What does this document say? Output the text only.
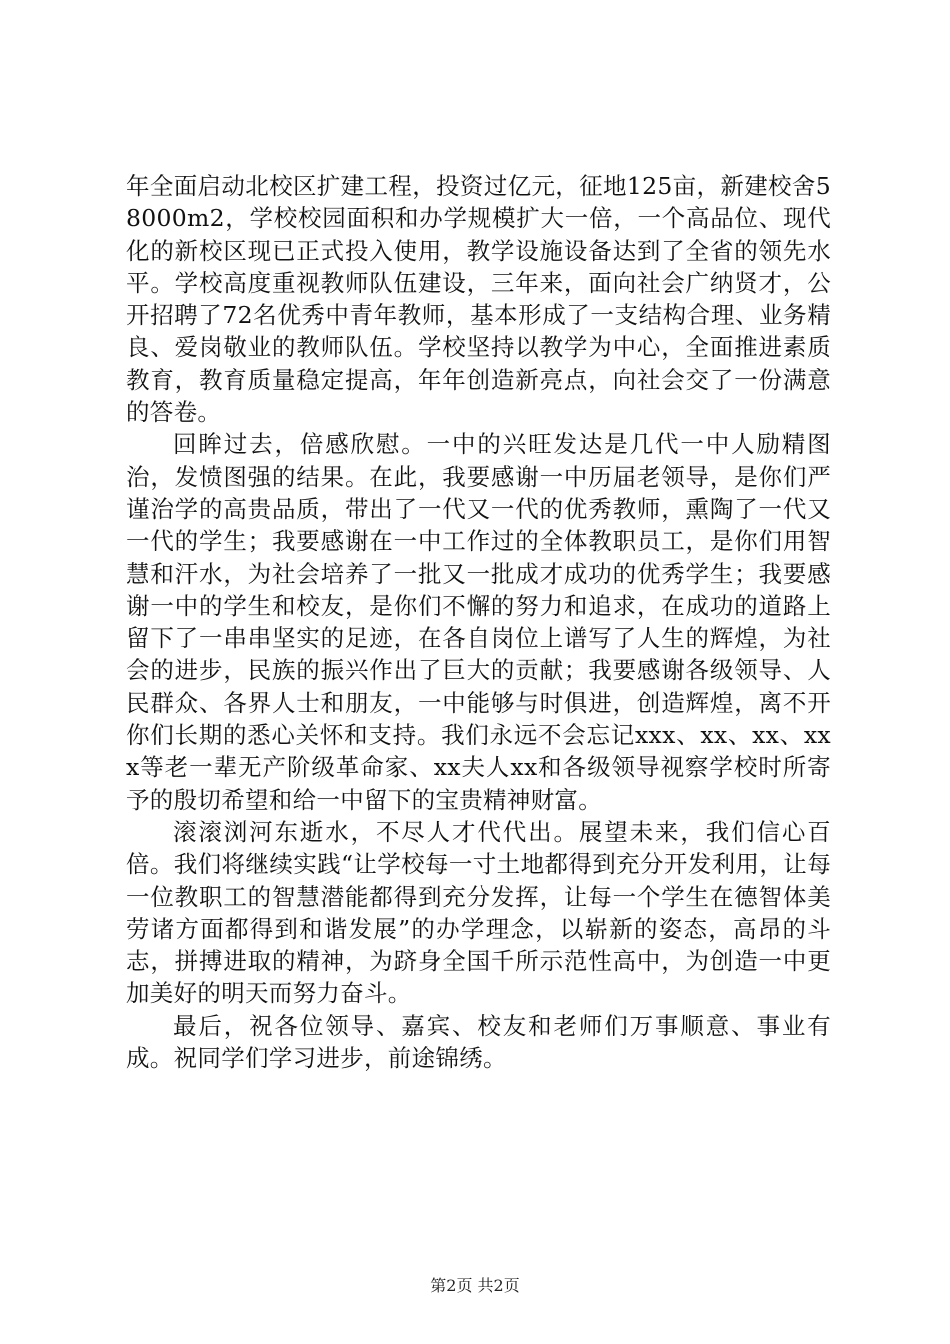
年全面启动北校区扩建工程，投资过亿元，征地125亩，新建校舍58000m2，学校校园面积和办学规模扩大一倍，一个高品位、现代化的新校区现已正式投入使用，教学设施设备达到了全省的领先水平。学校高度重视教师队伍建设，三年来，面向社会广纳贤才，公开招聘了72名优秀中青年教师，基本形成了一支结构合理、业务精良、爱岗敬业的教师队伍。学校坚持以教学为中心，全面推进素质教育，教育质量稳定提高，年年创造新亮点，向社会交了一份满意的答卷。

回眸过去，倍感欣慰。一中的兴旺发达是几代一中人励精图治，发愤图强的结果。在此，我要感谢一中历届老领导，是你们严谨治学的高贵品质，带出了一代又一代的优秀教师，熏陶了一代又一代的学生；我要感谢在一中工作过的全体教职员工，是你们用智慧和汗水，为社会培养了一批又一批成才成功的优秀学生；我要感谢一中的学生和校友，是你们不懈的努力和追求，在成功的道路上留下了一串串坚实的足迹，在各自岗位上谱写了人生的辉煌，为社会的进步，民族的振兴作出了巨大的贡献；我要感谢各级领导、人民群众、各界人士和朋友，一中能够与时俱进，创造辉煌，离不开你们长期的悉心关怀和支持。我们永远不会忘记xxx、xx、xx、xxx等老一辈无产阶级革命家、xx夫人xx和各级领导视察学校时所寄予的殷切希望和给一中留下的宝贵精神财富。

滚滚浏河东逝水，不尽人才代代出。展望未来，我们信心百倍。我们将继续实践“让学校每一寸土地都得到充分开发利用，让每一位教职工的智慧潜能都得到充分发挥，让每一个学生在德智体美劳诸方面都得到和谐发展”的办学理念，以崭新的姿态，高昂的斗志，拼搏进取的精神，为跻身全国千所示范性高中，为创造一中更加美好的明天而努力奋斗。

最后，祝各位领导、嘉宾、校友和老师们万事顺意、事业有成。祝同学们学习进步，前途锦绣。

第2页 共2页
